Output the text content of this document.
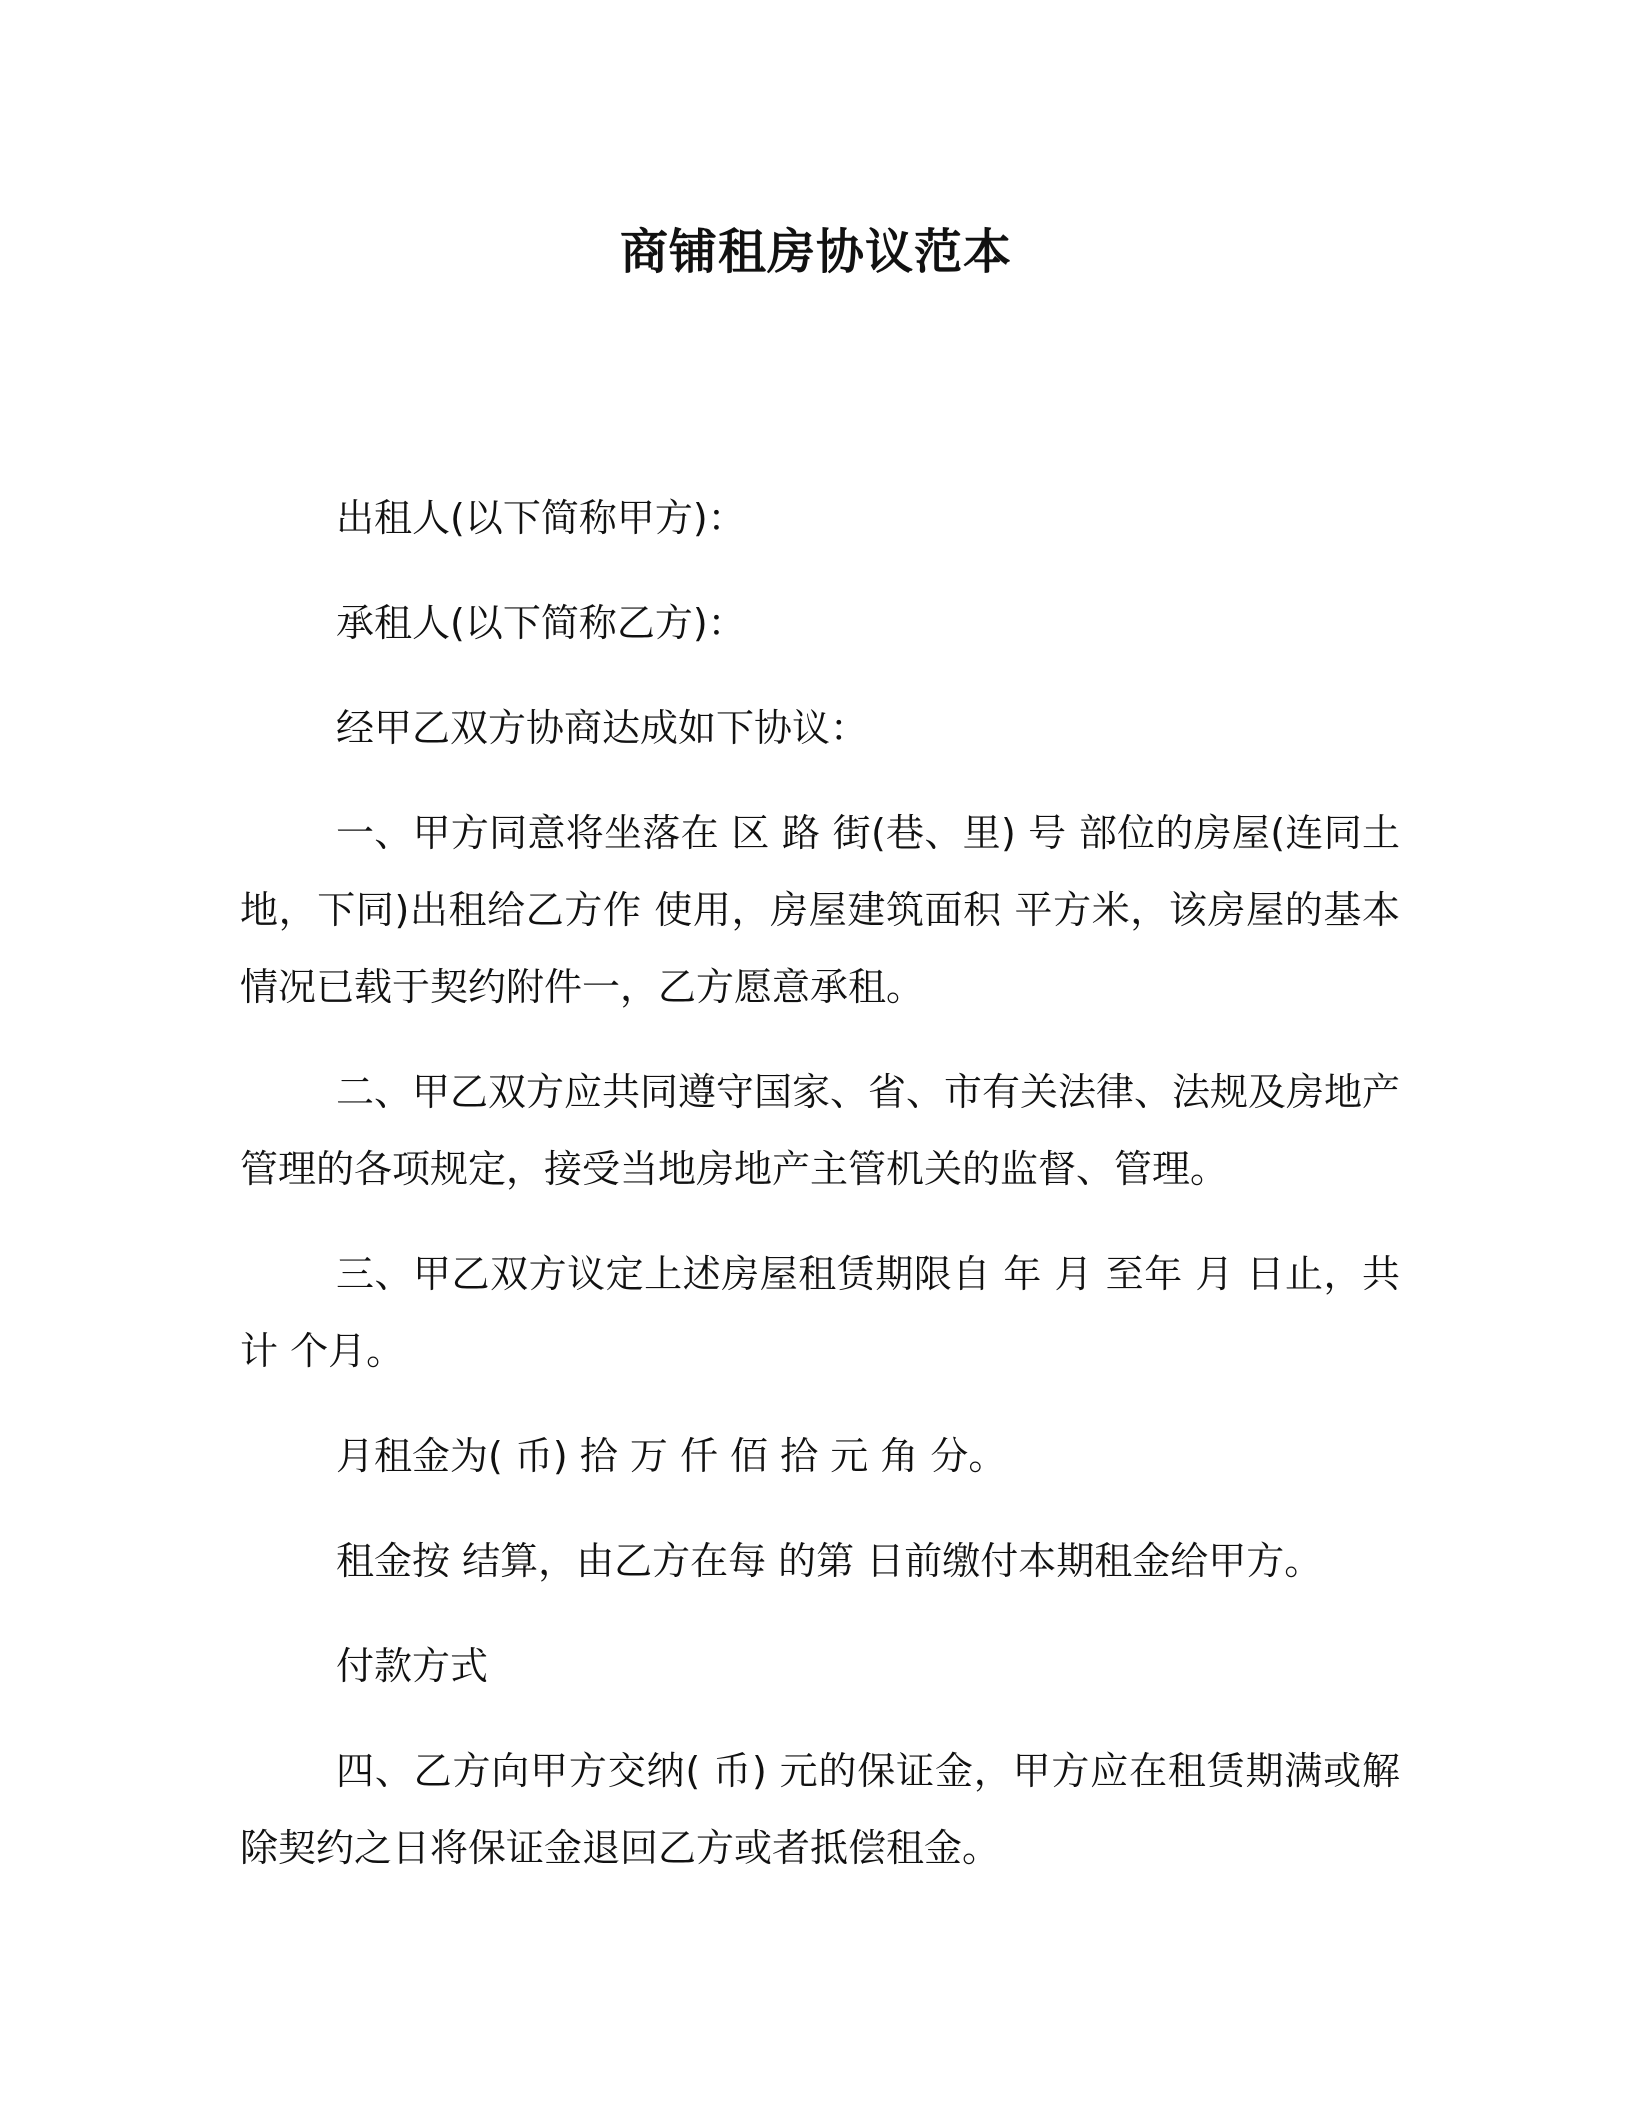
商铺租房协议范本

出租人(以下简称甲方)：

承租人(以下简称乙方)：

经甲乙双方协商达成如下协议：

一、甲方同意将坐落在 区 路 街(巷、里) 号 部位的房屋(连同土地，下同)出租给乙方作 使用，房屋建筑面积 平方米，该房屋的基本情况已载于契约附件一，乙方愿意承租。

二、甲乙双方应共同遵守国家、省、市有关法律、法规及房地产管理的各项规定，接受当地房地产主管机关的监督、管理。

三、甲乙双方议定上述房屋租赁期限自 年 月 至年 月 日止，共计 个月。

月租金为( 币) 拾 万 仟 佰 拾 元 角 分。

租金按 结算，由乙方在每 的第 日前缴付本期租金给甲方。

付款方式

四、乙方向甲方交纳( 币) 元的保证金，甲方应在租赁期满或解除契约之日将保证金退回乙方或者抵偿租金。
